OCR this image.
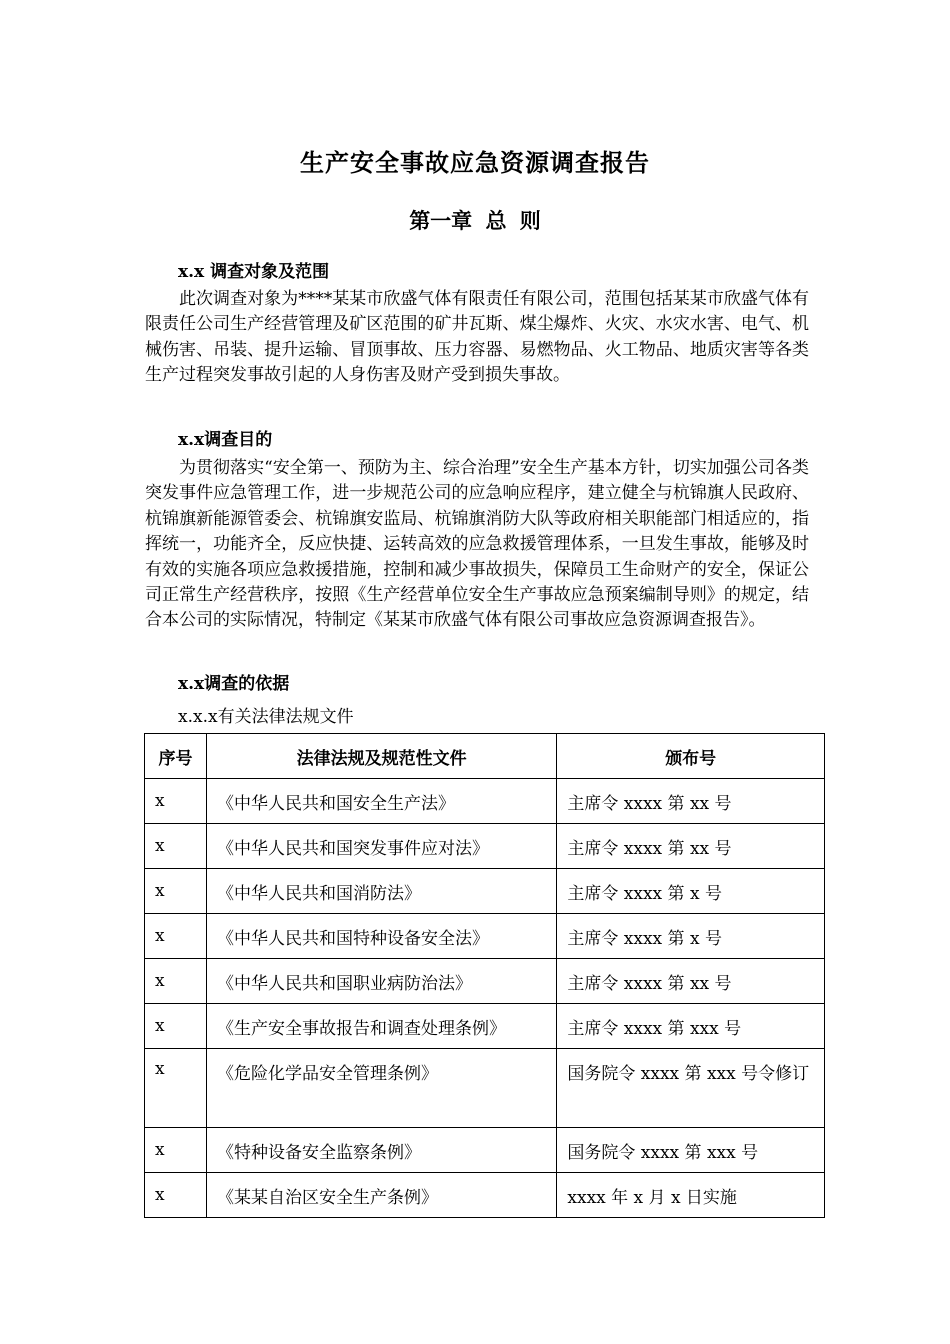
生产安全事故应急资源调查报告
第一章 总 则
x.x 调查对象及范围
此次调查对象为****某某市欣盛气体有限责任有限公司，范围包括某某市欣盛气体有限责任公司生产经营管理及矿区范围的矿井瓦斯、煤尘爆炸、火灾、水灾水害、电气、机械伤害、吊装、提升运输、冒顶事故、压力容器、易燃物品、火工物品、地质灾害等各类生产过程突发事故引起的人身伤害及财产受到损失事故。
x.x调查目的
为贯彻落实“安全第一、预防为主、综合治理”安全生产基本方针，切实加强公司各类突发事件应急管理工作，进一步规范公司的应急响应程序，建立健全与杭锦旗人民政府、杭锦旗新能源管委会、杭锦旗安监局、杭锦旗消防大队等政府相关职能部门相适应的，指挥统一，功能齐全，反应快捷、运转高效的应急救援管理体系，一旦发生事故，能够及时有效的实施各项应急救援措施，控制和减少事故损失，保障员工生命财产的安全，保证公司正常生产经营秩序，按照《生产经营单位安全生产事故应急预案编制导则》的规定，结合本公司的实际情况，特制定《某某市欣盛气体有限公司事故应急资源调查报告》。
x.x调查的依据
x.x.x有关法律法规文件
序号	法律法规及规范性文件	颁布号
x	《中华人民共和国安全生产法》	主席令 xxxx 第 xx 号
x	《中华人民共和国突发事件应对法》	主席令 xxxx 第 xx 号
x	《中华人民共和国消防法》	主席令 xxxx 第 x 号
x	《中华人民共和国特种设备安全法》	主席令 xxxx 第 x 号
x	《中华人民共和国职业病防治法》	主席令 xxxx 第 xx 号
x	《生产安全事故报告和调查处理条例》	主席令 xxxx 第 xxx 号
x	《危险化学品安全管理条例》	国务院令 xxxx 第 xxx 号令修订
x	《特种设备安全监察条例》	国务院令 xxxx 第 xxx 号
x	《某某自治区安全生产条例》	xxxx 年 x 月 x 日实施
